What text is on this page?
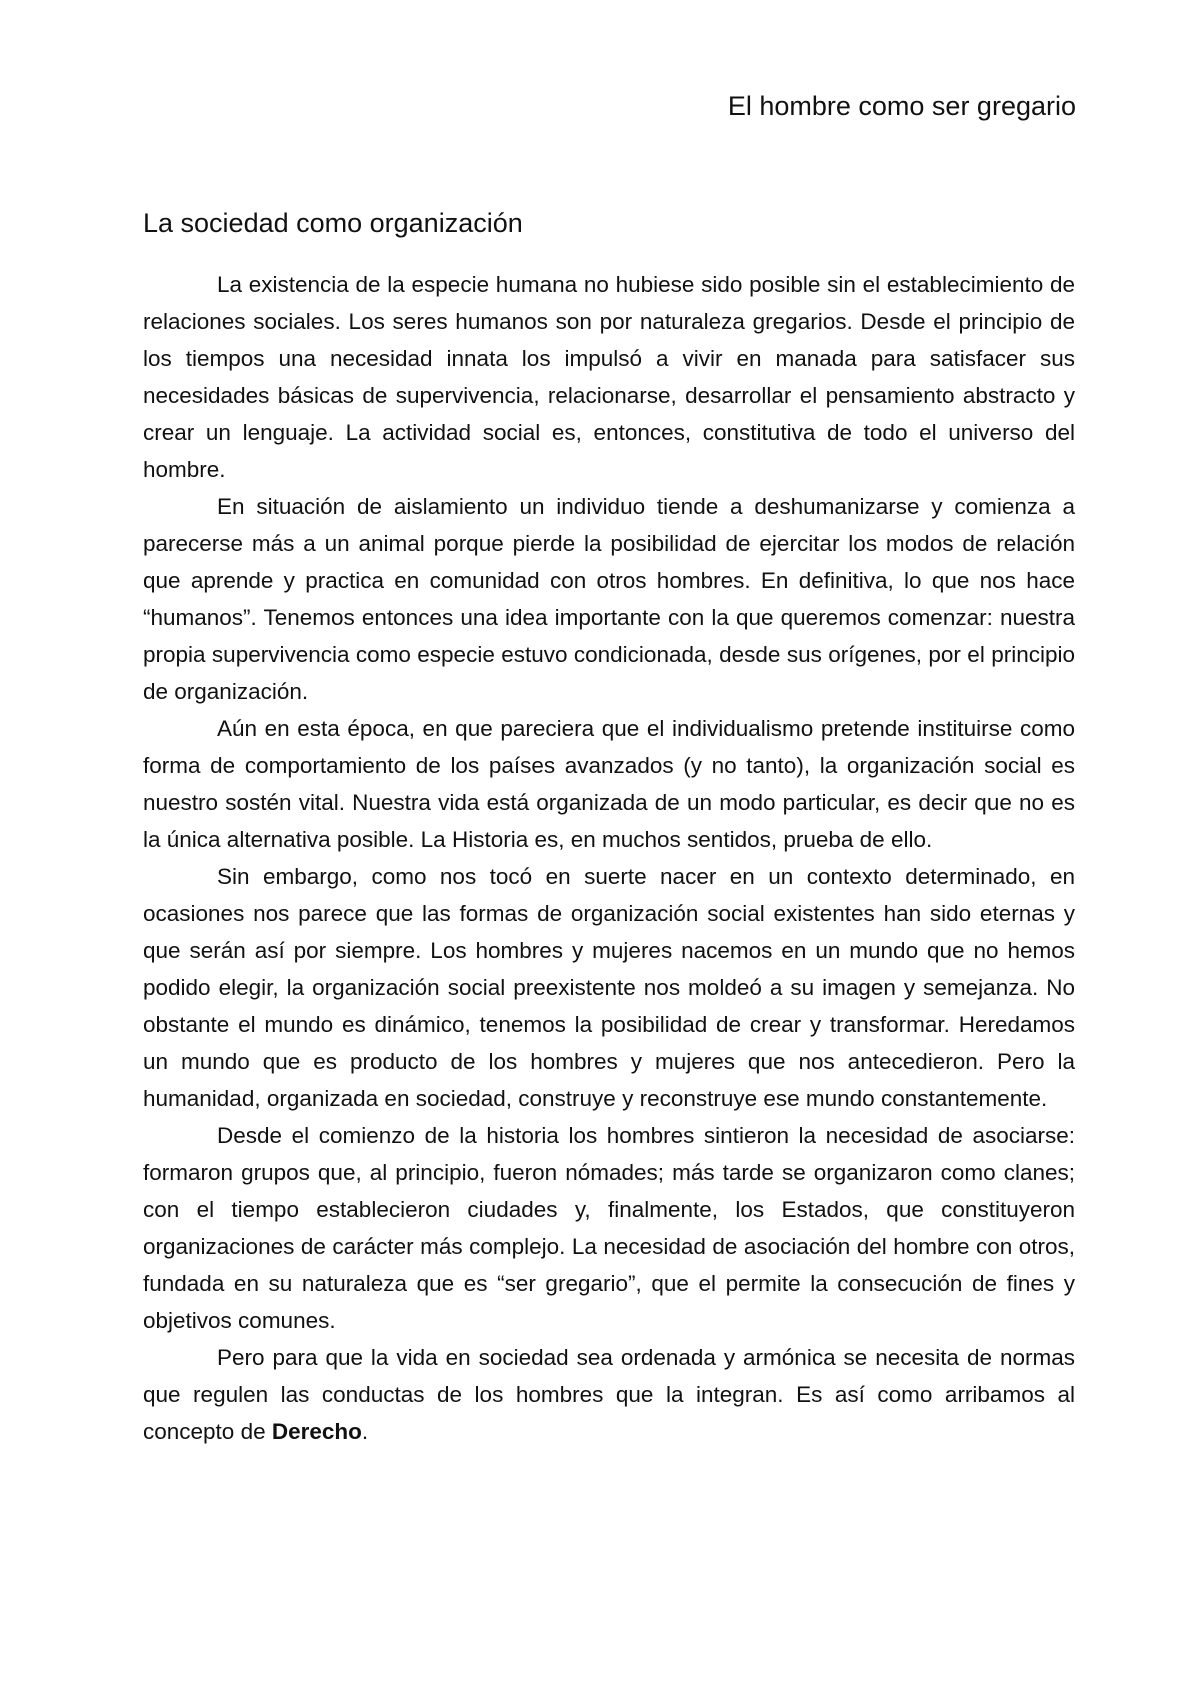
El hombre como ser gregario
La sociedad como organización

La existencia de la especie humana no hubiese sido posible sin el establecimiento de relaciones sociales. Los seres humanos son por naturaleza gregarios. Desde el principio de los tiempos una necesidad innata los impulsó a vivir en manada para satisfacer sus necesidades básicas de supervivencia, relacionarse, desarrollar el pensamiento abstracto y crear un lenguaje. La actividad social es, entonces, constitutiva de todo el universo del hombre.

En situación de aislamiento un individuo tiende a deshumanizarse y comienza a parecerse más a un animal porque pierde la posibilidad de ejercitar los modos de relación que aprende y practica en comunidad con otros hombres. En definitiva, lo que nos hace “humanos”. Tenemos entonces una idea importante con la que queremos comenzar: nuestra propia supervivencia como especie estuvo condicionada, desde sus orígenes, por el principio de organización.

Aún en esta época, en que pareciera que el individualismo pretende instituirse como forma de comportamiento de los países avanzados (y no tanto), la organización social es nuestro sostén vital. Nuestra vida está organizada de un modo particular, es decir que no es la única alternativa posible. La Historia es, en muchos sentidos, prueba de ello.

Sin embargo, como nos tocó en suerte nacer en un contexto determinado, en ocasiones nos parece que las formas de organización social existentes han sido eternas y que serán así por siempre. Los hombres y mujeres nacemos en un mundo que no hemos podido elegir, la organización social preexistente nos moldeó a su imagen y semejanza. No obstante el mundo es dinámico, tenemos la posibilidad de crear y transformar. Heredamos un mundo que es producto de los hombres y mujeres que nos antecedieron. Pero la humanidad, organizada en sociedad, construye y reconstruye ese mundo constantemente.

Desde el comienzo de la historia los hombres sintieron la necesidad de asociarse: formaron grupos que, al principio, fueron nómades; más tarde se organizaron como clanes; con el tiempo establecieron ciudades y, finalmente, los Estados, que constituyeron organizaciones de carácter más complejo. La necesidad de asociación del hombre con otros, fundada en su naturaleza que es “ser gregario”, que el permite la consecución de fines y objetivos comunes.

Pero para que la vida en sociedad sea ordenada y armónica se necesita de normas que regulen las conductas de los hombres que la integran. Es así como arribamos al concepto de Derecho.
